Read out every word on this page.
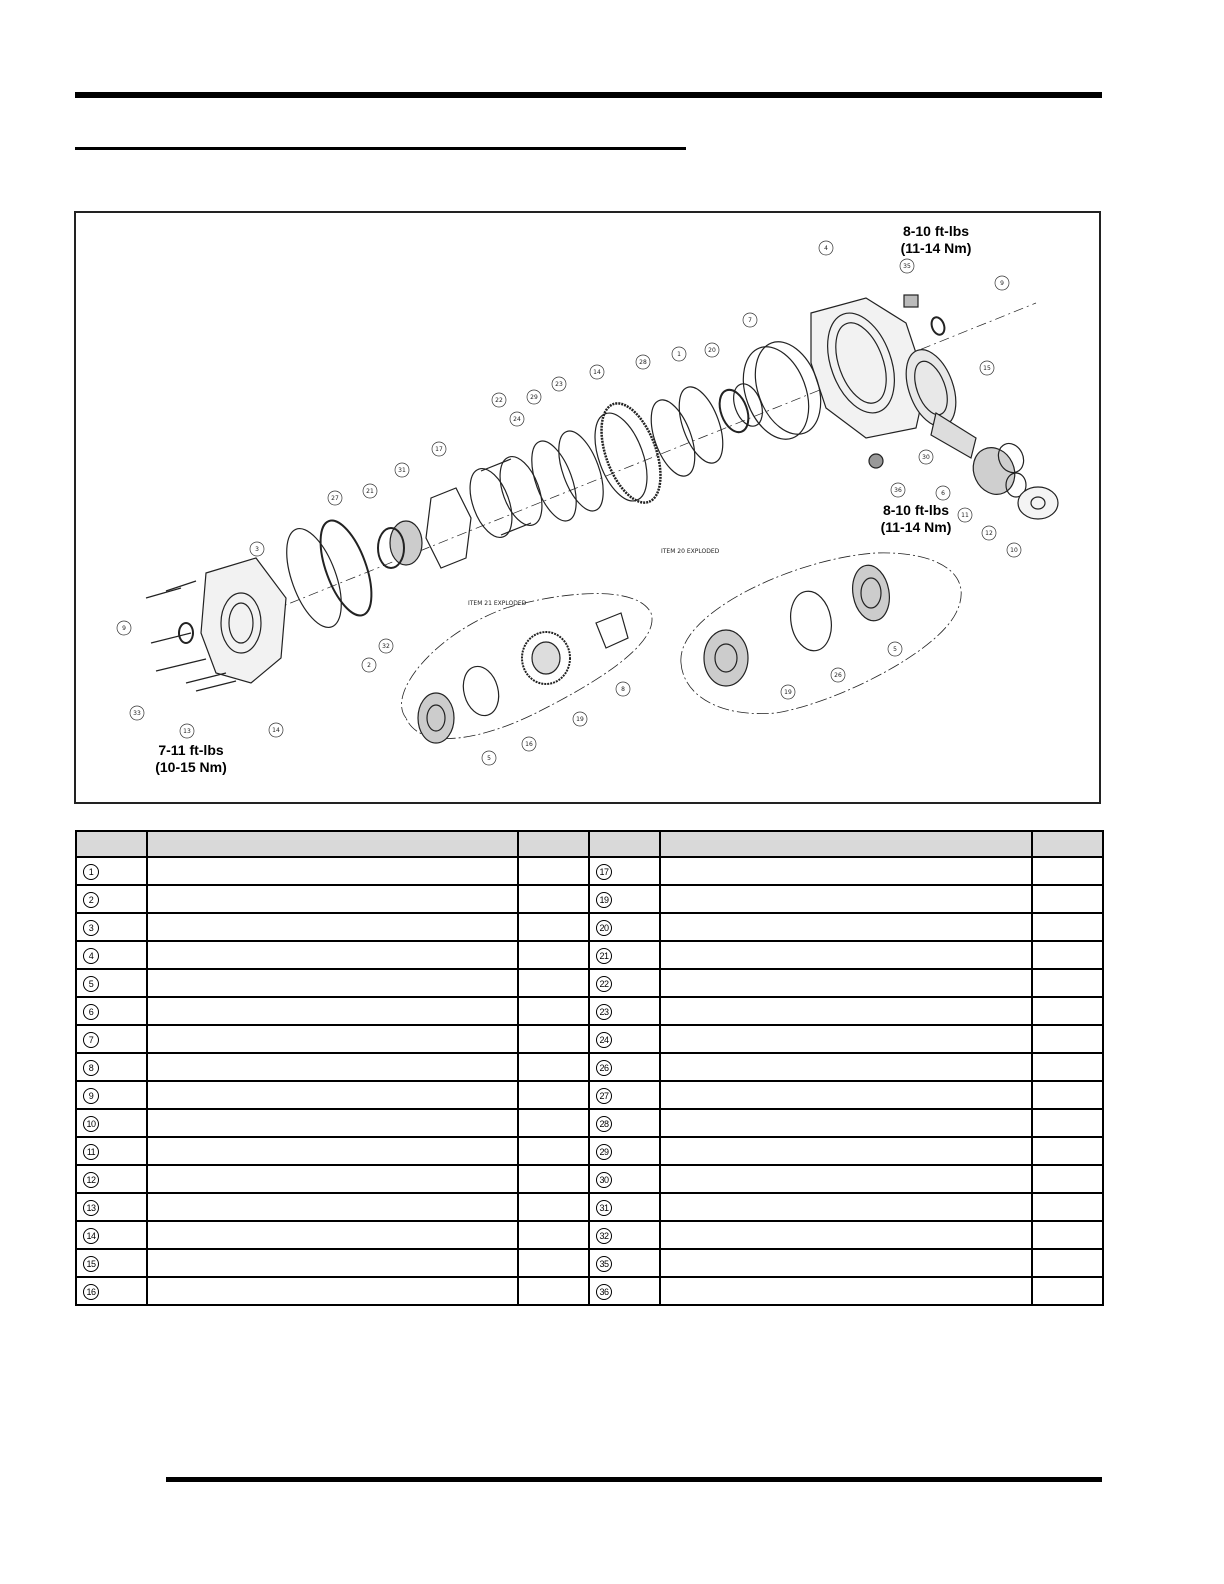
4
35
9
7
20
1
28
14
23
29
22
24
17
31
21
27
3
15
30
6
11
12
10
36
32
2
9
33
13	14
5
16
19
8
5
26
19
ITEM 21 EXPLODED
ITEM 20 EXPLODED
8-10 ft-lbs
(11-14 Nm)
8-10 ft-lbs
(11-14 Nm)
7-11 ft-lbs
(10-15 Nm)

1			17		
2			19		
3			20		
4			21		
5			22		
6			23		
7			24		
8			26		
9			27		
10			28		
11			29		
12			30		
13			31		
14			32		
15			35		
16			36		
